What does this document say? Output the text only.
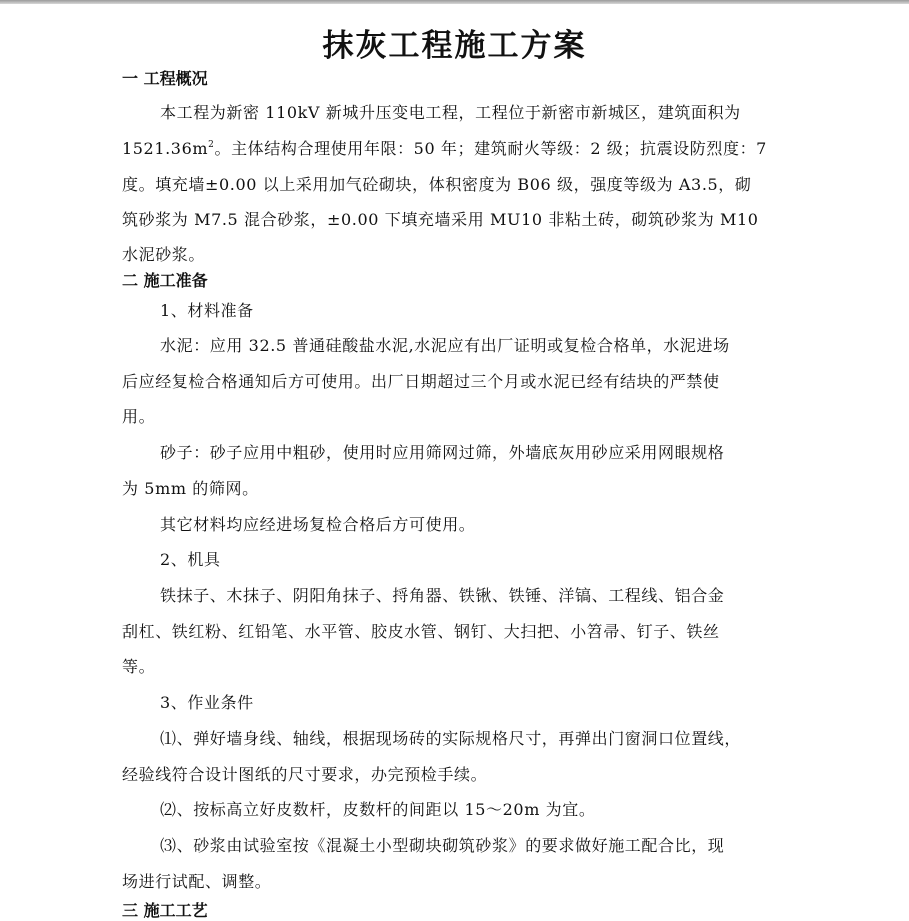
抹灰工程施工方案
一 工程概况
本工程为新密 110kV 新城升压变电工程，工程位于新密市新城区，建筑面积为
$1521.36m^2$。主体结构合理使用年限：50 年；建筑耐火等级：2 级；抗震设防烈度：7
度。填充墙±0.00 以上采用加气砼砌块，体积密度为 B06 级，强度等级为 A3.5，砌
筑砂浆为 M7.5 混合砂浆，±0.00 下填充墙采用 MU10 非粘土砖，砌筑砂浆为 M10
水泥砂浆。
二 施工准备
1、材料准备
水泥：应用 32.5 普通硅酸盐水泥,水泥应有出厂证明或复检合格单，水泥进场
后应经复检合格通知后方可使用。出厂日期超过三个月或水泥已经有结块的严禁使
用。
砂子：砂子应用中粗砂，使用时应用筛网过筛，外墙底灰用砂应采用网眼规格
为 5mm 的筛网。
其它材料均应经进场复检合格后方可使用。
2、机具
铁抹子、木抹子、阴阳角抹子、捋角器、铁锹、铁锤、洋镐、工程线、铝合金
刮杠、铁红粉、红铅笔、水平管、胶皮水管、钢钉、大扫把、小笤帚、钉子、铁丝
等。
3、作业条件
⑴、弹好墙身线、轴线，根据现场砖的实际规格尺寸，再弹出门窗洞口位置线，
经验线符合设计图纸的尺寸要求，办完预检手续。
⑵、按标高立好皮数杆，皮数杆的间距以 15～20m 为宜。
⑶、砂浆由试验室按《混凝土小型砌块砌筑砂浆》的要求做好施工配合比，现
场进行试配、调整。
三 施工工艺
